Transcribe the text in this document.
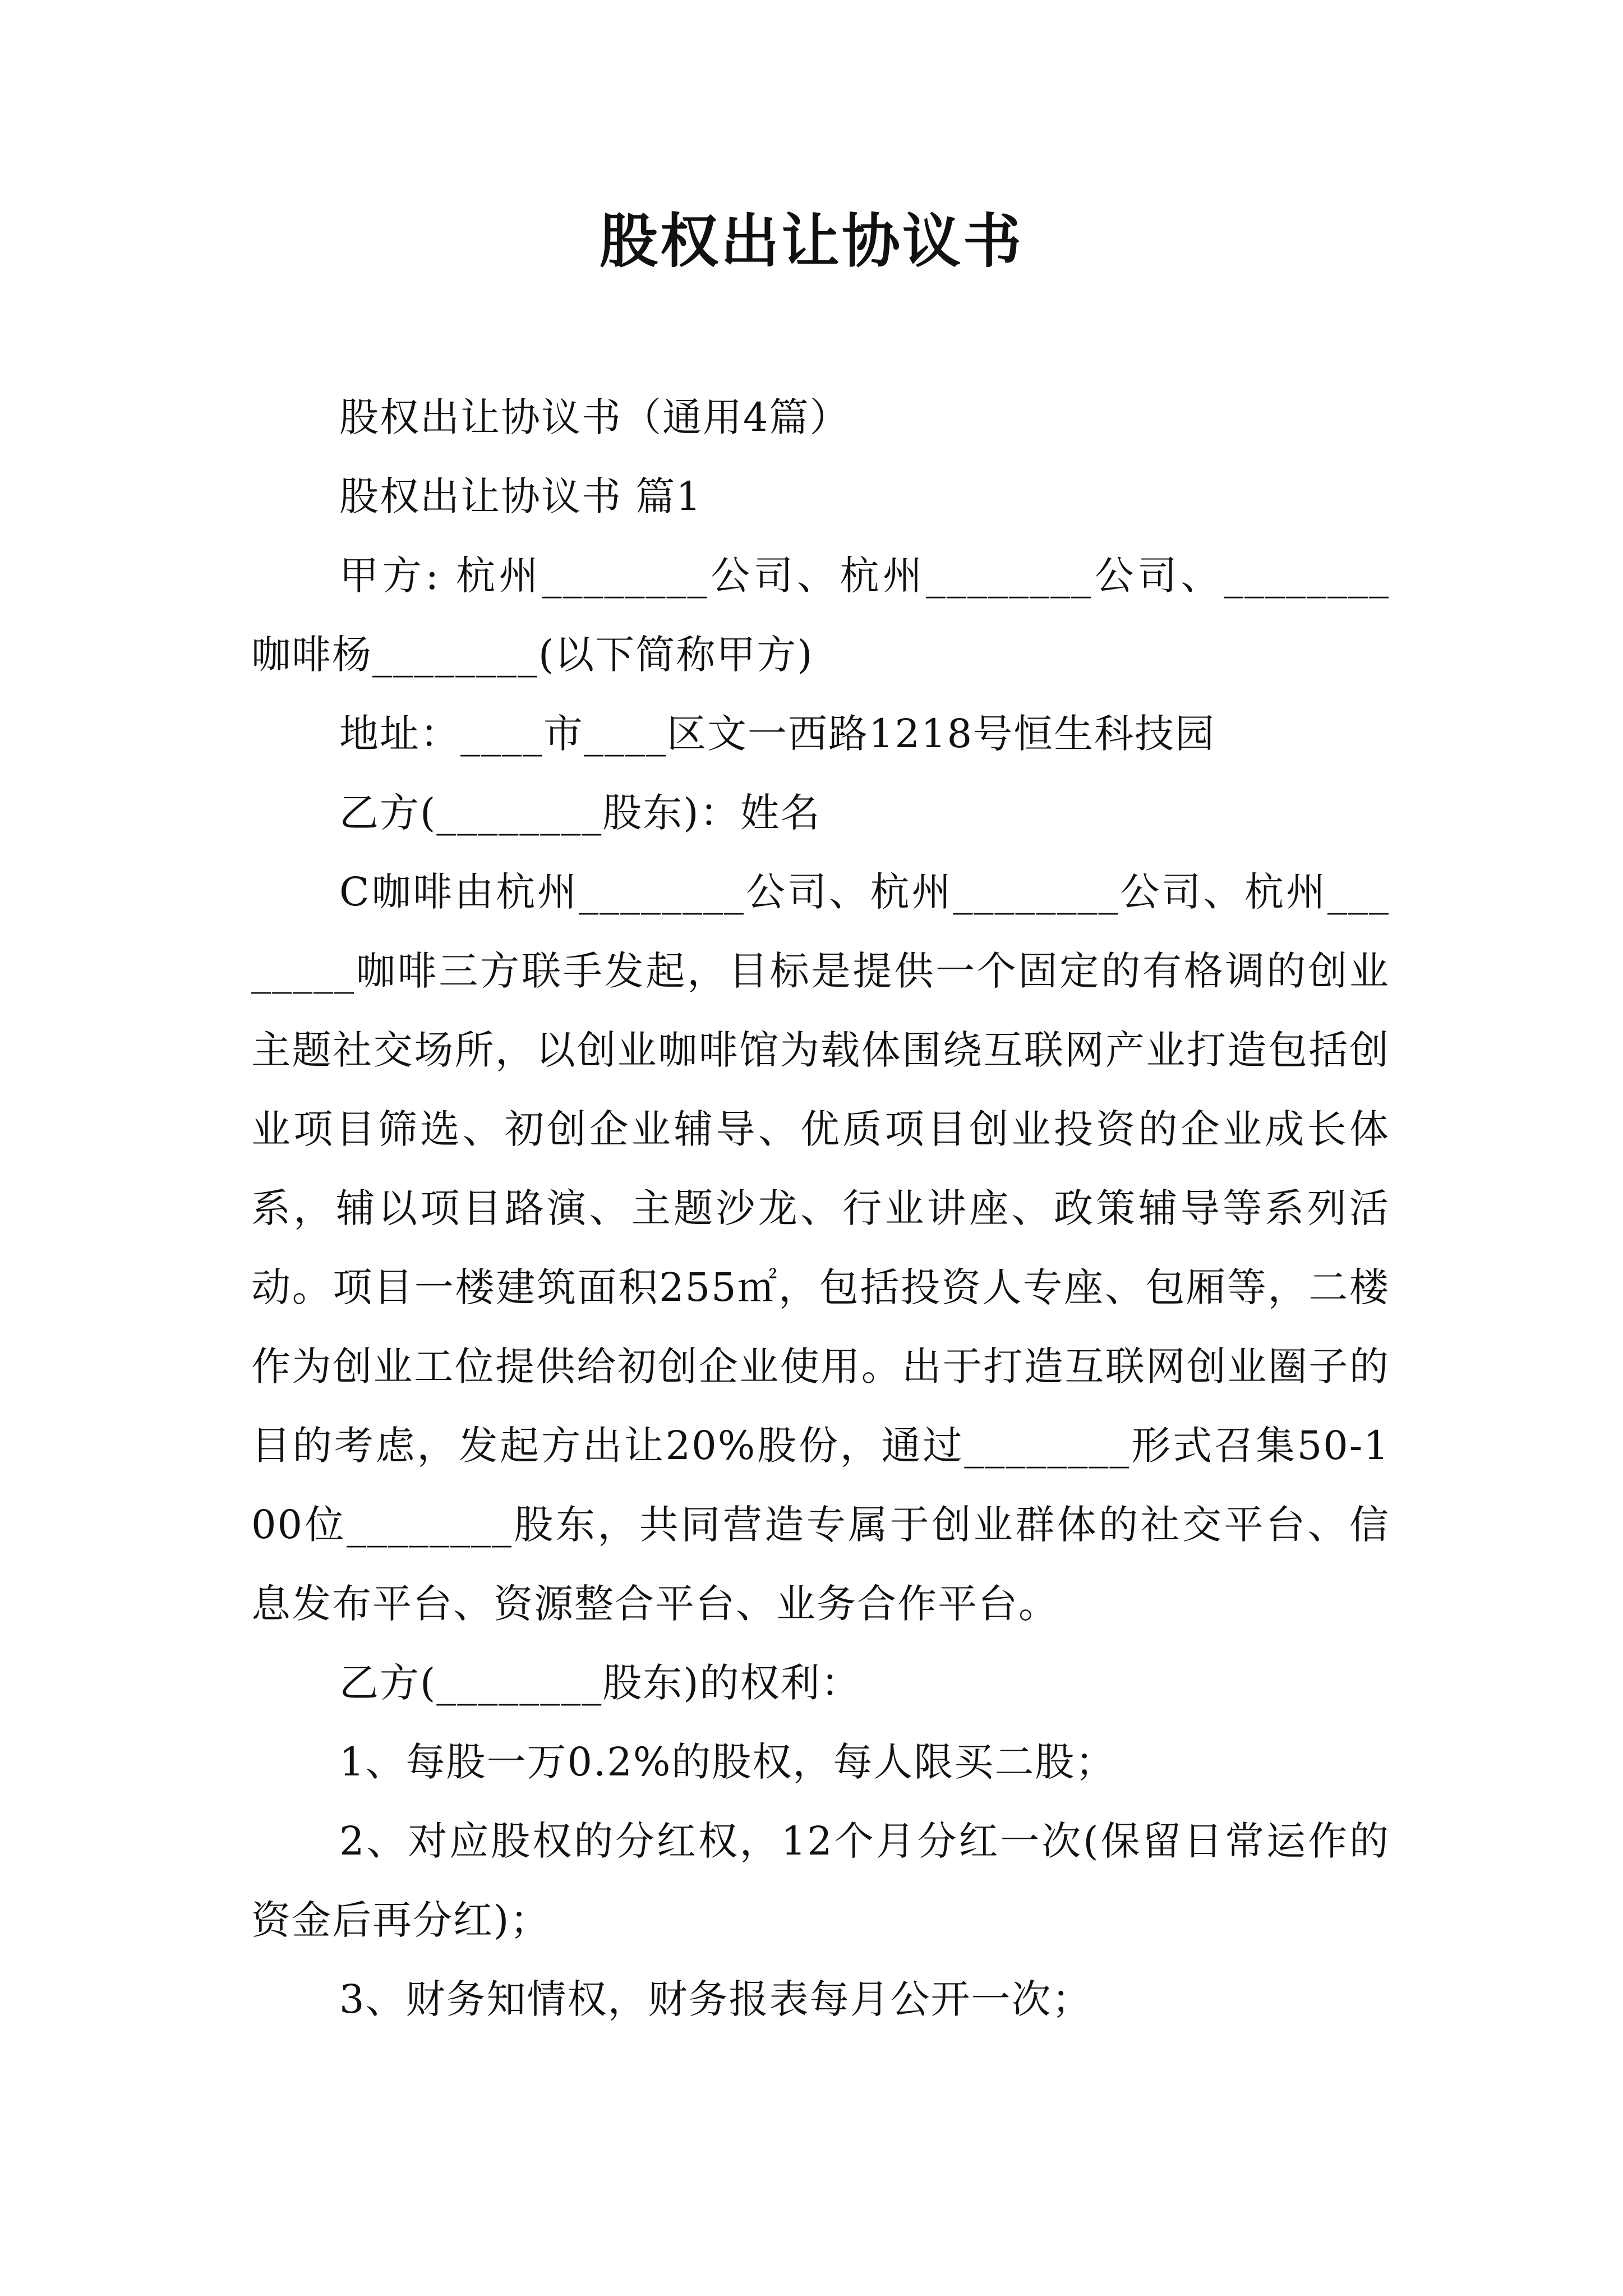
股权出让协议书

股权出让协议书（通用4篇）

股权出让协议书 篇1

甲方: 杭州________公司、杭州________公司、________咖啡杨________(以下简称甲方)

地址：____市____区文一西路1218号恒生科技园

乙方(________股东)：姓名

C咖啡由杭州________公司、杭州________公司、杭州________咖啡三方联手发起，目标是提供一个固定的有格调的创业主题社交场所，以创业咖啡馆为载体围绕互联网产业打造包括创业项目筛选、初创企业辅导、优质项目创业投资的企业成长体系，辅以项目路演、主题沙龙、行业讲座、政策辅导等系列活动。项目一楼建筑面积255㎡，包括投资人专座、包厢等，二楼作为创业工位提供给初创企业使用。出于打造互联网创业圈子的目的考虑，发起方出让20%股份，通过________形式召集50-100位________股东，共同营造专属于创业群体的社交平台、信息发布平台、资源整合平台、业务合作平台。

乙方(________股东)的权利：

1、每股一万0.2%的股权，每人限买二股；

2、对应股权的分红权，12个月分红一次(保留日常运作的资金后再分红)；

3、财务知情权，财务报表每月公开一次；
